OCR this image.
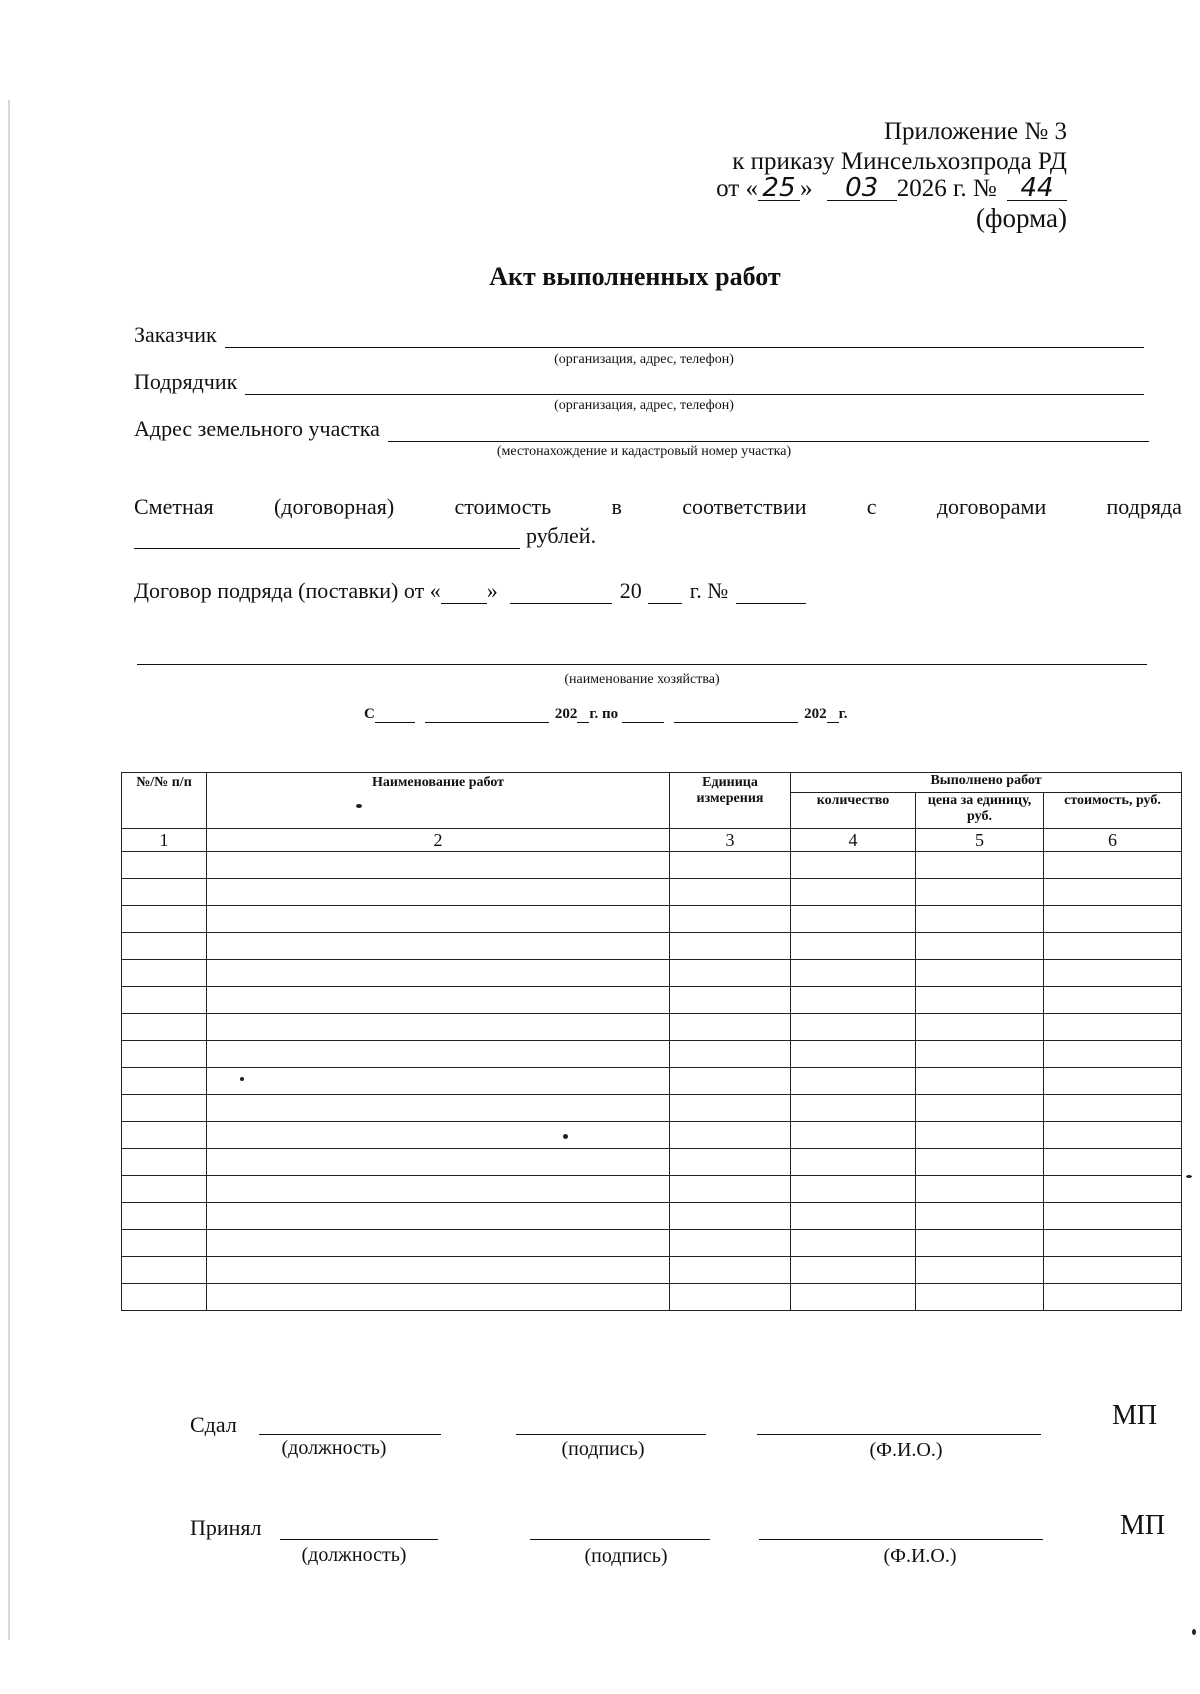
Приложение № 3
к приказу Минсельхозпрода РД
от « 25 » 03 2026 г. № 44
(форма)
Акт выполненных работ
Заказчик
(организация, адрес, телефон)
Подрядчик
(организация, адрес, телефон)
Адрес земельного участка
(местонахождение и кадастровый номер участка)
Сметная	(договорная)	стоимость	в	соответствии	с	договорами	подряда
рублей.
Договор подряда (поставки) от « »	20 г. №
(наименование хозяйства)
С	202 г. по	202 г.
№/№ п/п	Наименование работ	Единица измерения	Выполнено работ		
			количество	цена за единицу, руб.	стоимость, руб.
1	2	3	4	5	6

Сдал	МП
(должность)	(подпись)	(Ф.И.О.)
Принял	МП
(должность)	(подпись)	(Ф.И.О.)
